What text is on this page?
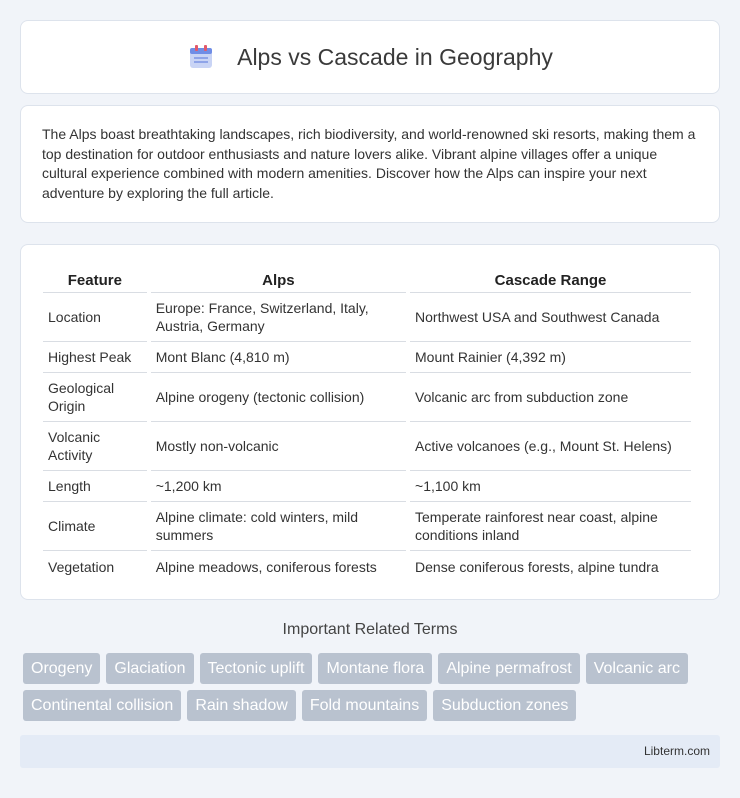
Alps vs Cascade in Geography

The Alps boast breathtaking landscapes, rich biodiversity, and world-renowned ski resorts, making them a top destination for outdoor enthusiasts and nature lovers alike. Vibrant alpine villages offer a unique cultural experience combined with modern amenities. Discover how the Alps can inspire your next adventure by exploring the full article.

Feature	Alps	Cascade Range
Location	Europe: France, Switzerland, Italy, Austria, Germany	Northwest USA and Southwest Canada
Highest Peak	Mont Blanc (4,810 m)	Mount Rainier (4,392 m)
Geological Origin	Alpine orogeny (tectonic collision)	Volcanic arc from subduction zone
Volcanic Activity	Mostly non-volcanic	Active volcanoes (e.g., Mount St. Helens)
Length	~1,200 km	~1,100 km
Climate	Alpine climate: cold winters, mild summers	Temperate rainforest near coast, alpine conditions inland
Vegetation	Alpine meadows, coniferous forests	Dense coniferous forests, alpine tundra
Important Related Terms
Orogeny	Glaciation	Tectonic uplift	Montane flora	Alpine permafrost	Volcanic arc
Continental collision	Rain shadow	Fold mountains	Subduction zones
Libterm.com
